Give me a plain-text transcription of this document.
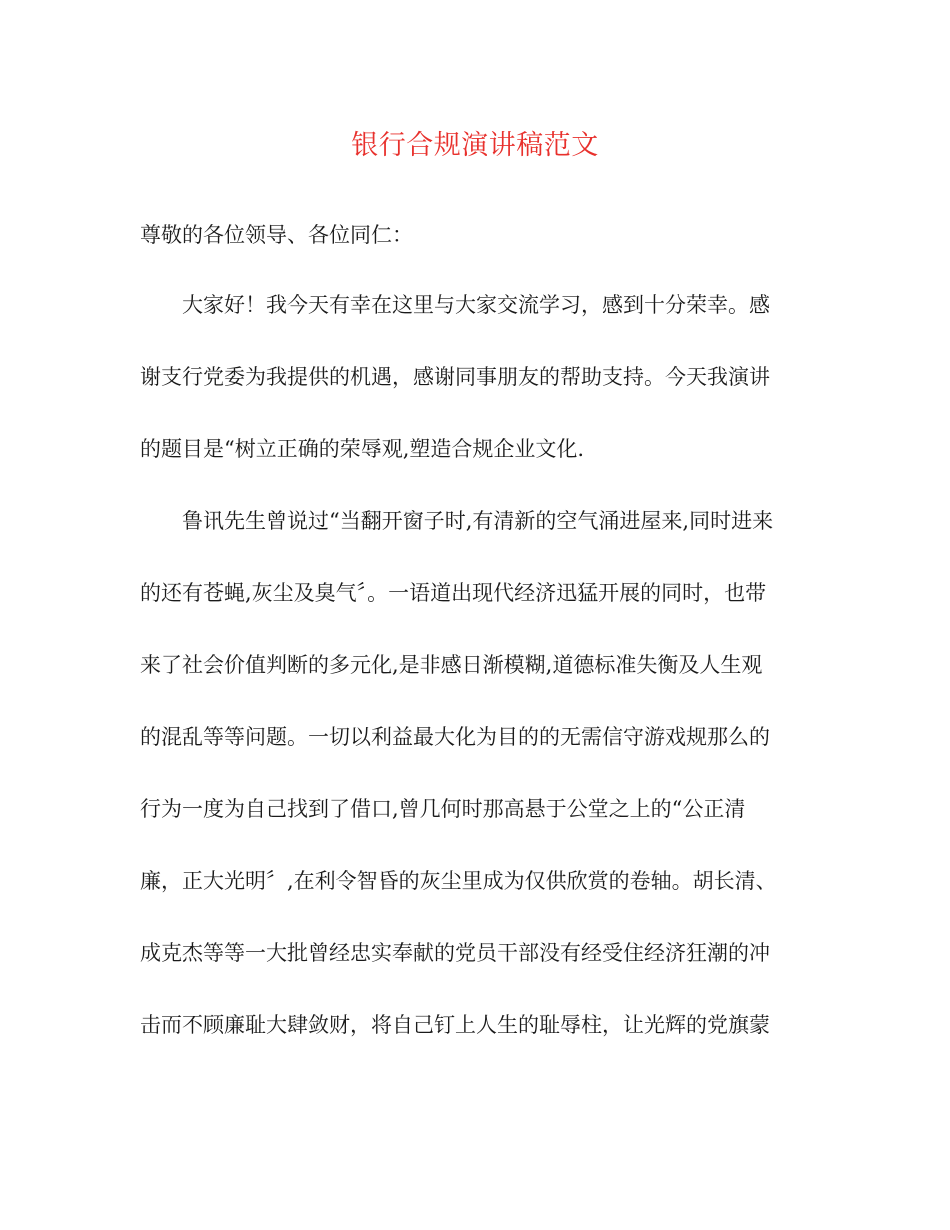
银行合规演讲稿范文
尊敬的各位领导、各位同仁：
大家好！我今天有幸在这里与大家交流学习，感到十分荣幸。感
谢支行党委为我提供的机遇，感谢同事朋友的帮助支持。今天我演讲
的题目是“树立正确的荣辱观,塑造合规企业文化.
鲁讯先生曾说过“当翻开窗子时,有清新的空气涌进屋来,同时进来
的还有苍蝇,灰尘及臭气〞。一语道出现代经济迅猛开展的同时，也带
来了社会价值判断的多元化,是非感日渐模糊,道德标准失衡及人生观
的混乱等等问题。一切以利益最大化为目的的无需信守游戏规那么的
行为一度为自己找到了借口,曾几何时那高悬于公堂之上的“公正清
廉，正大光明〞,在利令智昏的灰尘里成为仅供欣赏的卷轴。胡长清、
成克杰等等一大批曾经忠实奉献的党员干部没有经受住经济狂潮的冲
击而不顾廉耻大肆敛财，将自己钉上人生的耻辱柱，让光辉的党旗蒙
